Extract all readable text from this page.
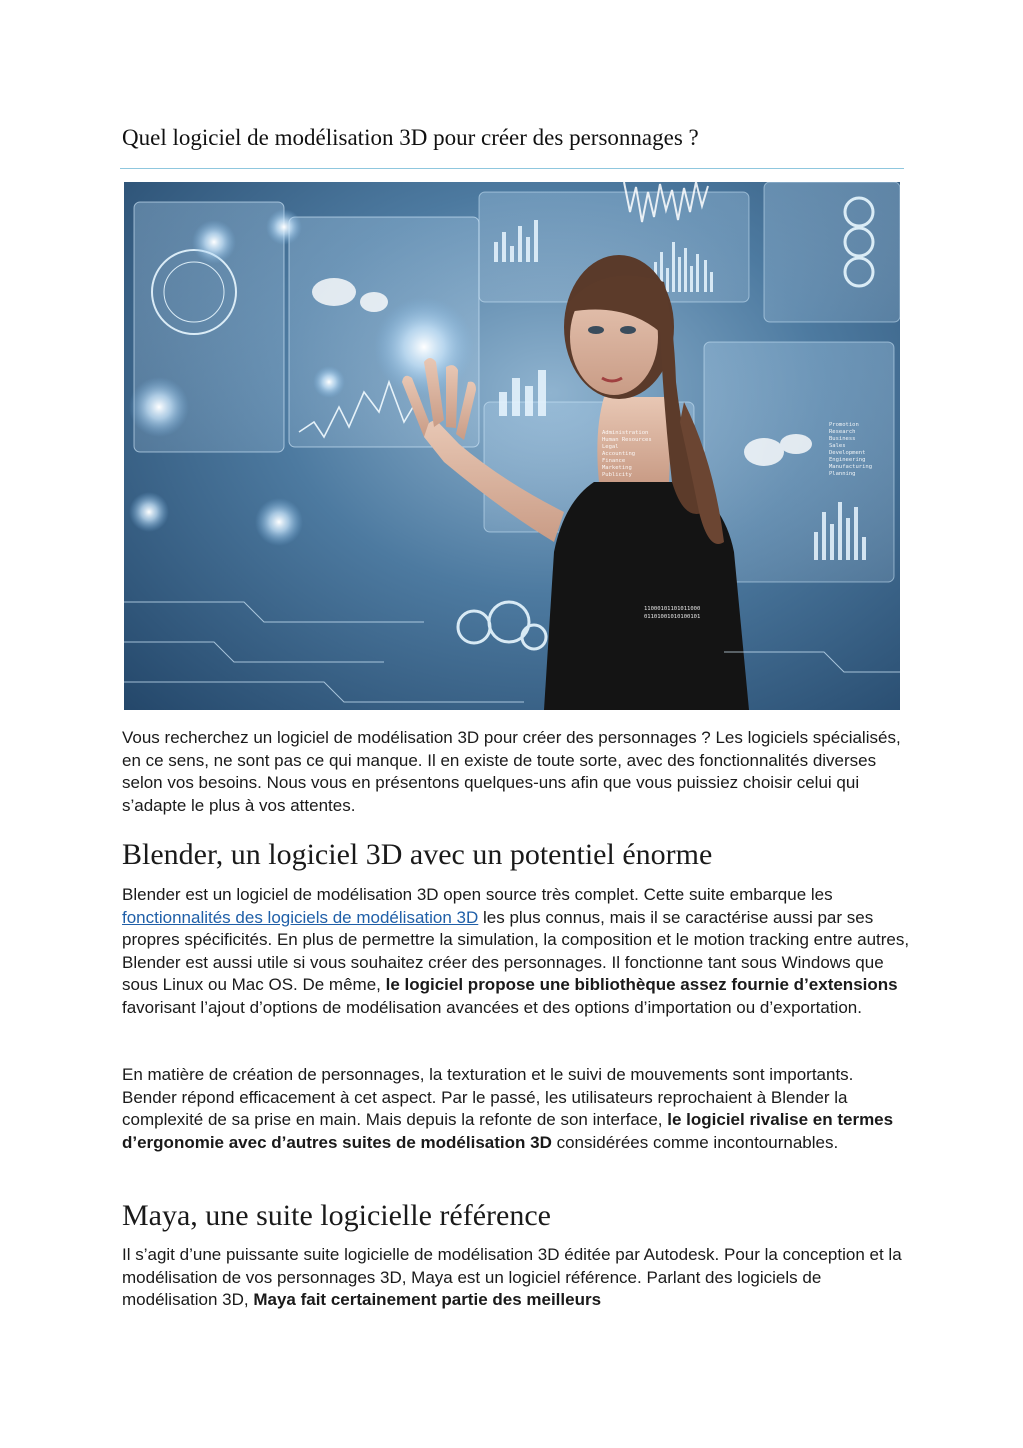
Quel logiciel de modélisation 3D pour créer des personnages ?
Administration
Human Resources
Legal
Accounting
Finance
Marketing
Publicity
Promotion
Research
Business
Sales
Development
Engineering
Manufacturing
Planning
11000101101011000
01101001010100101

Vous recherchez un logiciel de modélisation 3D pour créer des personnages ? Les logiciels spécialisés, en ce sens, ne sont pas ce qui manque. Il en existe de toute sorte, avec des fonctionnalités diverses selon vos besoins. Nous vous en présentons quelques-uns afin que vous puissiez choisir celui qui s’adapte le plus à vos attentes.

Blender, un logiciel 3D avec un potentiel énorme

Blender est un logiciel de modélisation 3D open source très complet. Cette suite embarque les fonctionnalités des logiciels de modélisation 3D les plus connus, mais il se caractérise aussi par ses propres spécificités. En plus de permettre la simulation, la composition et le motion tracking entre autres, Blender est aussi utile si vous souhaitez créer des personnages. Il fonctionne tant sous Windows que sous Linux ou Mac OS. De même, le logiciel propose une bibliothèque assez fournie d’extensions favorisant l’ajout d’options de modélisation avancées et des options d’importation ou d’exportation.

En matière de création de personnages, la texturation et le suivi de mouvements sont importants. Bender répond efficacement à cet aspect. Par le passé, les utilisateurs reprochaient à Blender la complexité de sa prise en main. Mais depuis la refonte de son interface, le logiciel rivalise en termes d’ergonomie avec d’autres suites de modélisation 3D considérées comme incontournables.

Maya, une suite logicielle référence

Il s’agit d’une puissante suite logicielle de modélisation 3D éditée par Autodesk. Pour la conception et la modélisation de vos personnages 3D, Maya est un logiciel référence. Parlant des logiciels de modélisation 3D, Maya fait certainement partie des meilleurs
